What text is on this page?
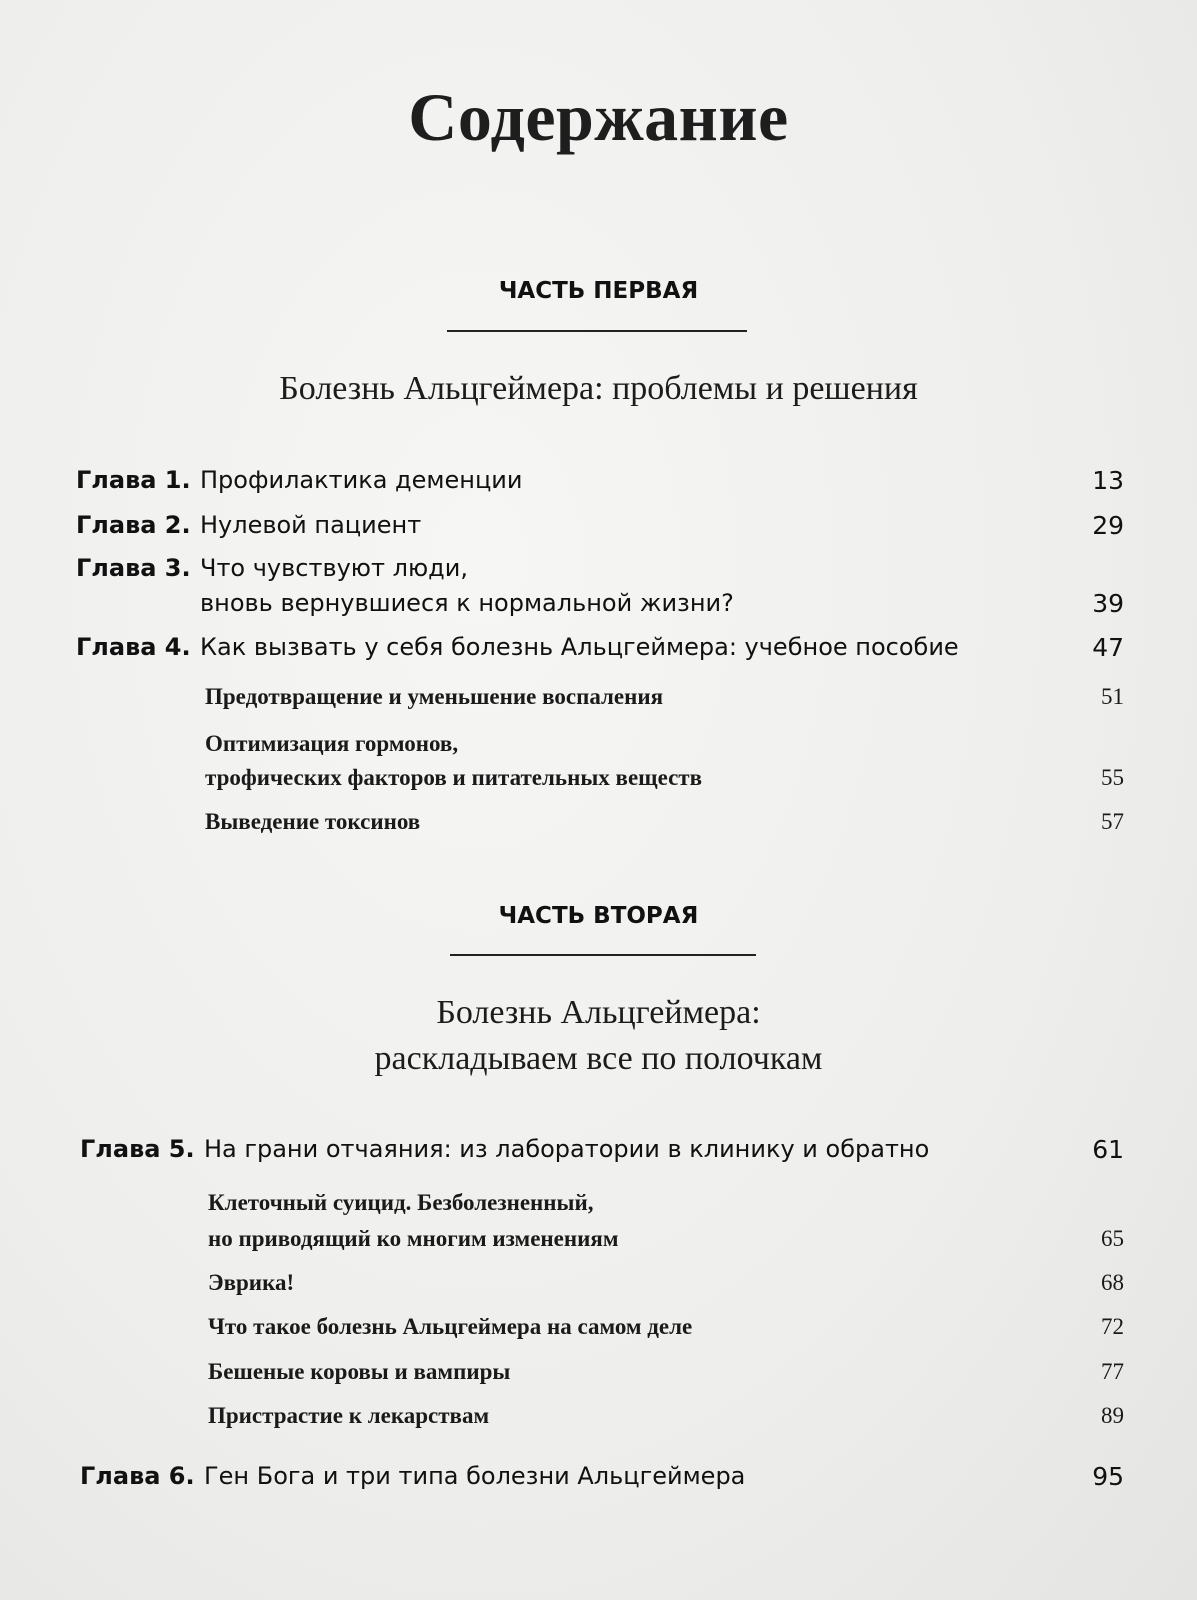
Содержание
ЧАСТЬ ПЕРВАЯ
Болезнь Альцгеймера: проблемы и решения
Глава 1. Профилактика деменции	13
Глава 2. Нулевой пациент	29
Глава 3. Что чувствуют люди,
вновь вернувшиеся к нормальной жизни?	39
Глава 4. Как вызвать у себя болезнь Альцгеймера: учебное пособие	47
Предотвращение и уменьшение воспаления	51
Оптимизация гормонов,
трофических факторов и питательных веществ	55
Выведение токсинов	57
ЧАСТЬ ВТОРАЯ
Болезнь Альцгеймера:
раскладываем все по полочкам
Глава 5. На грани отчаяния: из лаборатории в клинику и обратно	61
Клеточный суицид. Безболезненный,
но приводящий ко многим изменениям	65
Эврика!	68
Что такое болезнь Альцгеймера на самом деле	72
Бешеные коровы и вампиры	77
Пристрастие к лекарствам	89
Глава 6. Ген Бога и три типа болезни Альцгеймера	95
